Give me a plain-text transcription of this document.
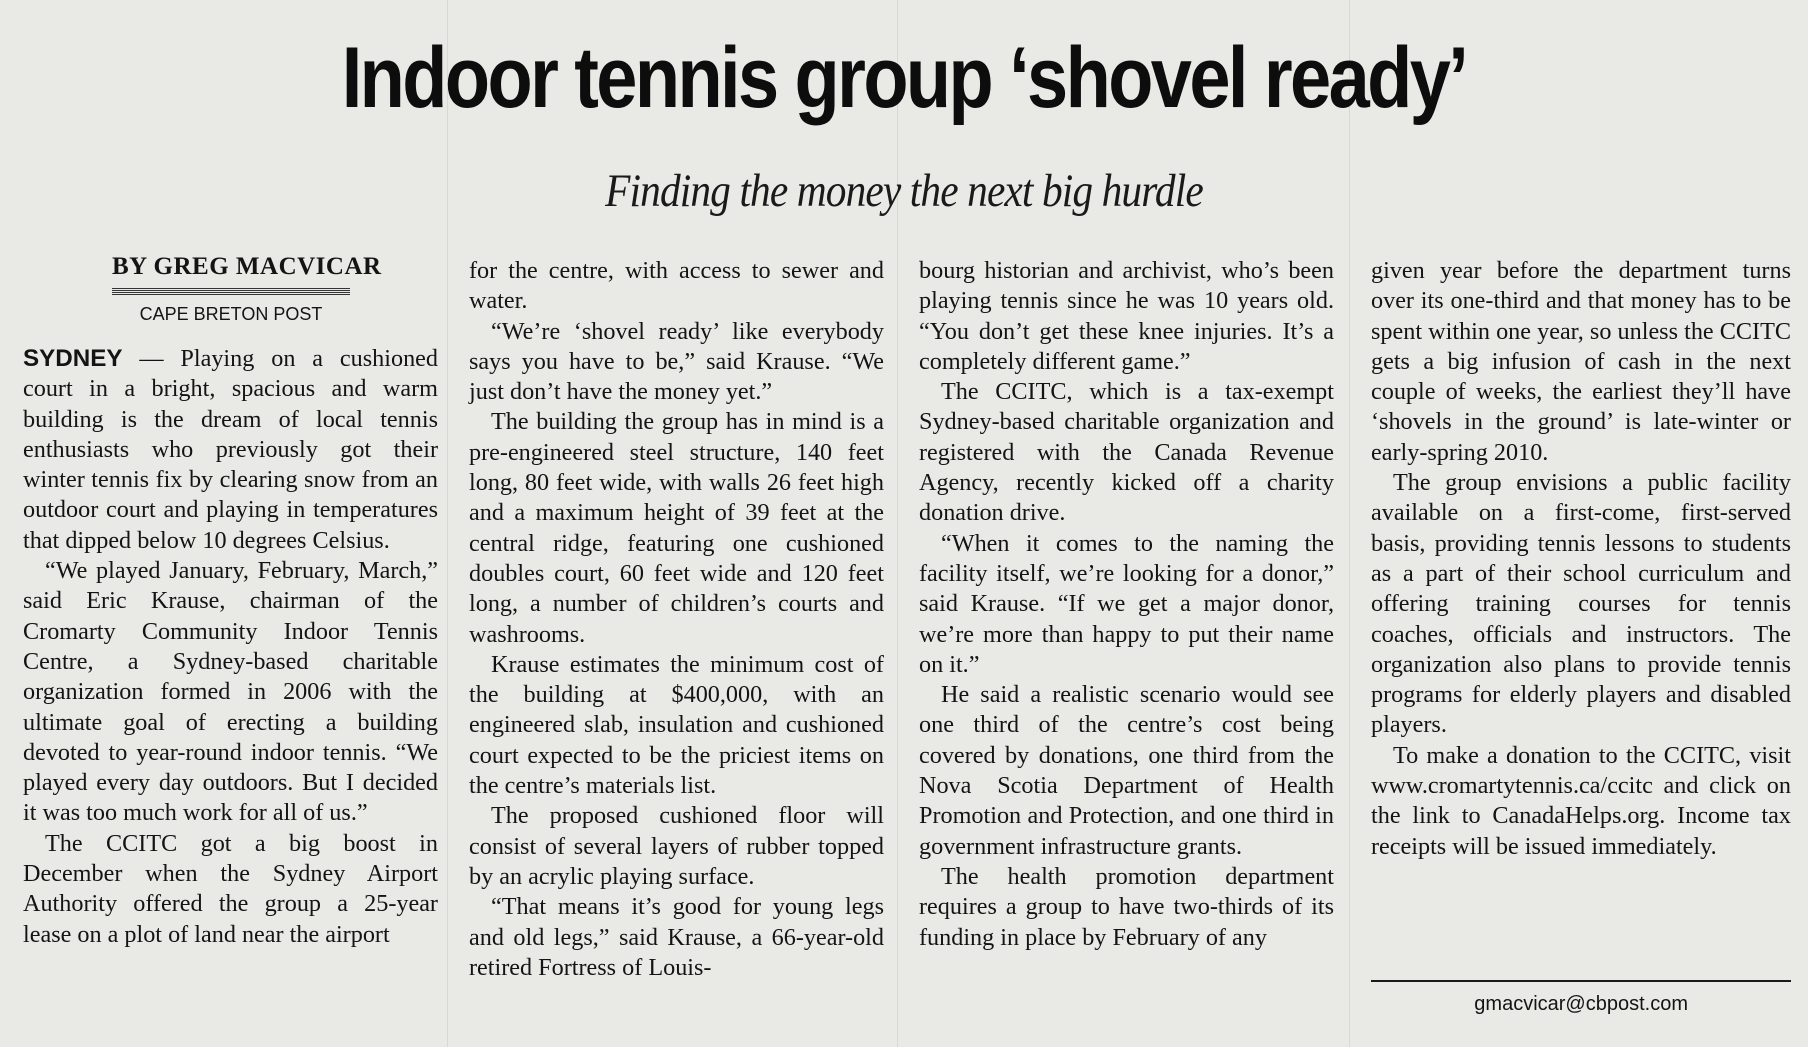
Indoor tennis group ‘shovel ready’
Finding the money the next big hurdle
BY GREG MACVICAR
CAPE BRETON POST

SYDNEY — Playing on a cushioned court in a bright, spacious and warm building is the dream of local tennis enthusiasts who previously got their winter tennis fix by clearing snow from an outdoor court and playing in temperatures that dipped below 10 degrees Celsius.

“We played January, February, March,” said Eric Krause, chairman of the Cromarty Community Indoor Tennis Centre, a Sydney-based charitable organization formed in 2006 with the ultimate goal of erecting a building devoted to year-round indoor tennis. “We played every day outdoors. But I decided it was too much work for all of us.”

The CCITC got a big boost in December when the Sydney Airport Authority offered the group a 25-year lease on a plot of land near the airport

for the centre, with access to sewer and water.

“We’re ‘shovel ready’ like everybody says you have to be,” said Krause. “We just don’t have the money yet.”

The building the group has in mind is a pre-engineered steel structure, 140 feet long, 80 feet wide, with walls 26 feet high and a maximum height of 39 feet at the central ridge, featuring one cushioned doubles court, 60 feet wide and 120 feet long, a number of children’s courts and washrooms.

Krause estimates the minimum cost of the building at $400,000, with an engineered slab, insulation and cushioned court expected to be the priciest items on the centre’s materials list.

The proposed cushioned floor will consist of several layers of rubber topped by an acrylic playing surface.

“That means it’s good for young legs and old legs,” said Krause, a 66-year-old retired Fortress of Louis-

bourg historian and archivist, who’s been playing tennis since he was 10 years old. “You don’t get these knee injuries. It’s a completely different game.”

The CCITC, which is a tax-exempt Sydney-based charitable organization and registered with the Canada Revenue Agency, recently kicked off a charity donation drive.

“When it comes to the naming the facility itself, we’re looking for a donor,” said Krause. “If we get a major donor, we’re more than happy to put their name on it.”

He said a realistic scenario would see one third of the centre’s cost being covered by donations, one third from the Nova Scotia Department of Health Promotion and Protection, and one third in government infrastructure grants.

The health promotion department requires a group to have two-thirds of its funding in place by February of any

given year before the department turns over its one-third and that money has to be spent within one year, so unless the CCITC gets a big infusion of cash in the next couple of weeks, the earliest they’ll have ‘shovels in the ground’ is late-winter or early-spring 2010.

The group envisions a public facility available on a first-come, first-served basis, providing tennis lessons to students as a part of their school curriculum and offering training courses for tennis coaches, officials and instructors. The organization also plans to provide tennis programs for elderly players and disabled players.

To make a donation to the CCITC, visit www.cromartytennis.ca/ccitc and click on the link to CanadaHelps.org. Income tax receipts will be issued immediately.

gmacvicar@cbpost.com
